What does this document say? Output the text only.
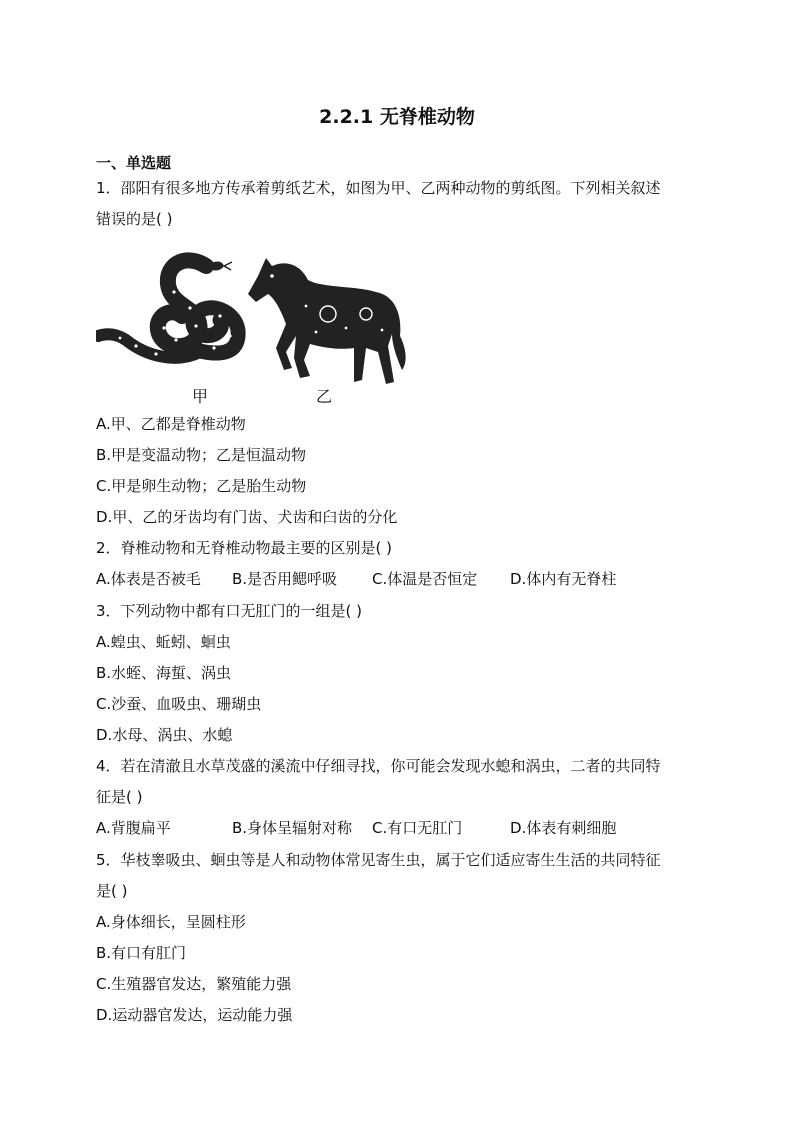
2.2.1 无脊椎动物
一、单选题
1．邵阳有很多地方传承着剪纸艺术，如图为甲、乙两种动物的剪纸图。下列相关叙述
错误的是( )
甲	乙
A.甲、乙都是脊椎动物
B.甲是变温动物；乙是恒温动物
C.甲是卵生动物；乙是胎生动物
D.甲、乙的牙齿均有门齿、犬齿和臼齿的分化
2．脊椎动物和无脊椎动物最主要的区别是( )
A.体表是否被毛 B.是否用鳃呼吸 C.体温是否恒定 D.体内有无脊柱
3．下列动物中都有口无肛门的一组是( )
A.蝗虫、蚯蚓、蛔虫
B.水蛭、海蜇、涡虫
C.沙蚕、血吸虫、珊瑚虫
D.水母、涡虫、水螅
4．若在清澈且水草茂盛的溪流中仔细寻找，你可能会发现水螅和涡虫，二者的共同特
征是( )
A.背腹扁平	B.身体呈辐射对称 C.有口无肛门	D.体表有刺细胞
5．华枝睾吸虫、蛔虫等是人和动物体常见寄生虫，属于它们适应寄生生活的共同特征
是( )
A.身体细长，呈圆柱形
B.有口有肛门
C.生殖器官发达，繁殖能力强
D.运动器官发达，运动能力强
